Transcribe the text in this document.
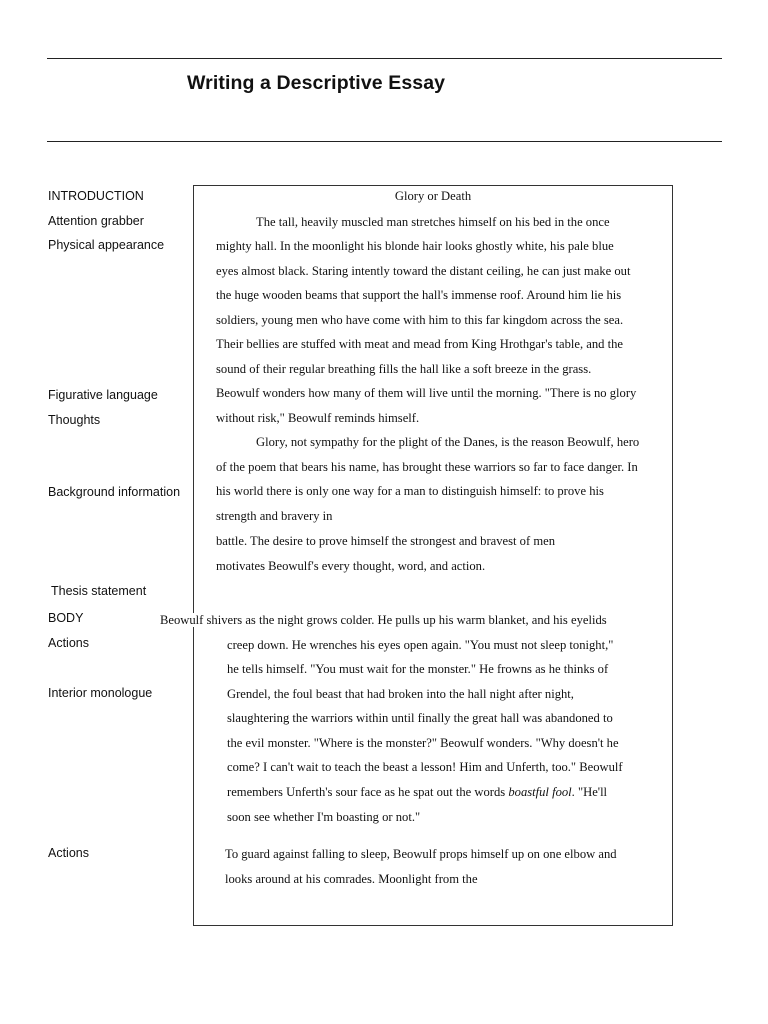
Writing a Descriptive Essay
INTRODUCTION
Attention grabber
Physical appearance
Figurative language
Thoughts
Background information
Thesis statement
BODY
Actions
Interior monologue
Actions
Glory or Death
The tall, heavily muscled man stretches himself on his bed in the once
mighty hall. In the moonlight his blonde hair looks ghostly white, his pale blue
eyes almost black. Staring intently toward the distant ceiling, he can just make out
the huge wooden beams that support the hall's immense roof. Around him lie his
soldiers, young men who have come with him to this far kingdom across the sea.
Their bellies are stuffed with meat and mead from King Hrothgar's table, and the
sound of their regular breathing fills the hall like a soft breeze in the grass.
Beowulf wonders how many of them will live until the morning. "There is no glory
without risk," Beowulf reminds himself.
Glory, not sympathy for the plight of the Danes, is the reason Beowulf, hero
of the poem that bears his name, has brought these warriors so far to face danger. In
his world there is only one way for a man to distinguish himself: to prove his
strength and bravery in
battle. The desire to prove himself the strongest and bravest of men
motivates Beowulf's every thought, word, and action.
Beowulf shivers as the night grows colder. He pulls up his warm blanket, and his eyelids
creep down. He wrenches his eyes open again. "You must not sleep tonight,"
he tells himself. "You must wait for the monster." He frowns as he thinks of
Grendel, the foul beast that had broken into the hall night after night,
slaughtering the warriors within until finally the great hall was abandoned to
the evil monster. "Where is the monster?" Beowulf wonders. "Why doesn't he
come? I can't wait to teach the beast a lesson! Him and Unferth, too." Beowulf
remembers Unferth's sour face as he spat out the words boastful fool. "He'll
soon see whether I'm boasting or not."
To guard against falling to sleep, Beowulf props himself up on one elbow and
looks around at his comrades. Moonlight from the
